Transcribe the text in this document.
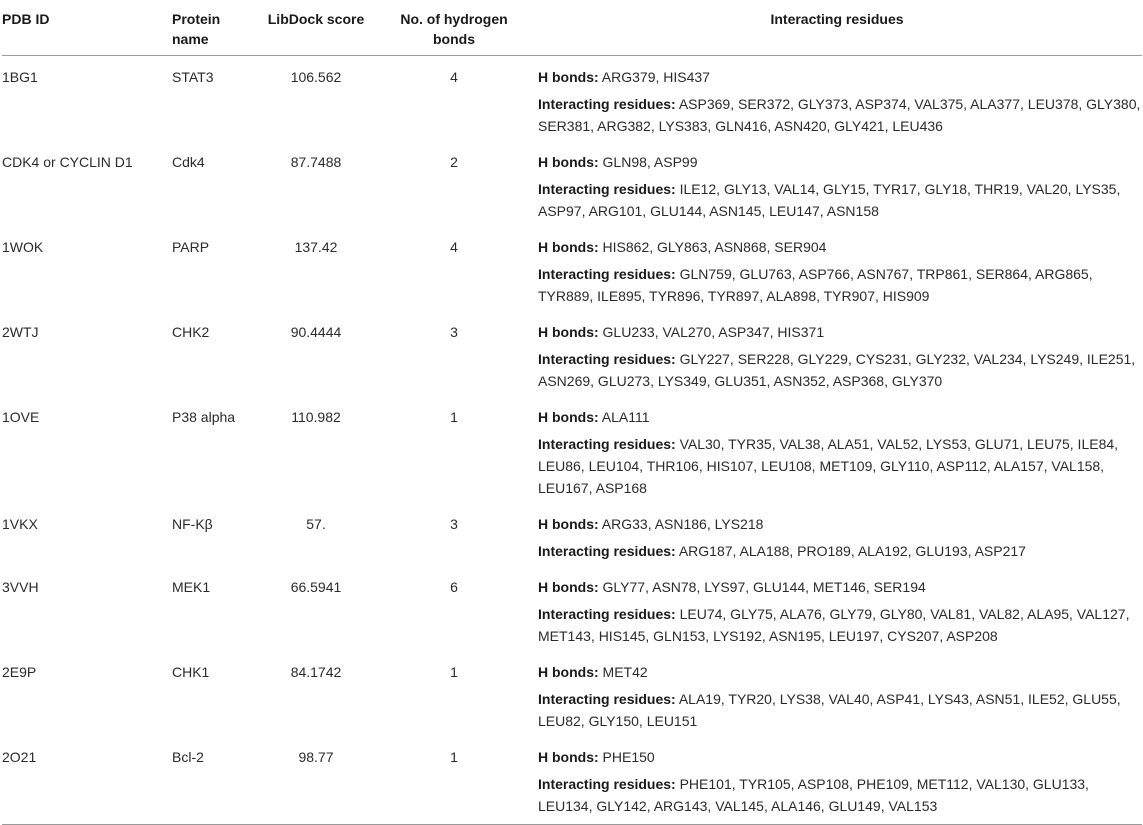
PDB ID	Protein name	LibDock score	No. of hydrogen bonds	Interacting residues
1BG1	STAT3	106.562	4	H bonds: ARG379, HIS437
Interacting residues: ASP369, SER372, GLY373, ASP374, VAL375, ALA377, LEU378, GLY380, SER381, ARG382, LYS383, GLN416, ASN420, GLY421, LEU436

CDK4 or CYCLIN D1	Cdk4	87.7488	2	H bonds: GLN98, ASP99
Interacting residues: ILE12, GLY13, VAL14, GLY15, TYR17, GLY18, THR19, VAL20, LYS35, ASP97, ARG101, GLU144, ASN145, LEU147, ASN158

1WOK	PARP	137.42	4	H bonds: HIS862, GLY863, ASN868, SER904
Interacting residues: GLN759, GLU763, ASP766, ASN767, TRP861, SER864, ARG865, TYR889, ILE895, TYR896, TYR897, ALA898, TYR907, HIS909

2WTJ	CHK2	90.4444	3	H bonds: GLU233, VAL270, ASP347, HIS371
Interacting residues: GLY227, SER228, GLY229, CYS231, GLY232, VAL234, LYS249, ILE251, ASN269, GLU273, LYS349, GLU351, ASN352, ASP368, GLY370

1OVE	P38 alpha	110.982	1	H bonds: ALA111
Interacting residues: VAL30, TYR35, VAL38, ALA51, VAL52, LYS53, GLU71, LEU75, ILE84, LEU86, LEU104, THR106, HIS107, LEU108, MET109, GLY110, ASP112, ALA157, VAL158, LEU167, ASP168

1VKX	NF-Kβ	57.	3	H bonds: ARG33, ASN186, LYS218
Interacting residues: ARG187, ALA188, PRO189, ALA192, GLU193, ASP217

3VVH	MEK1	66.5941	6	H bonds: GLY77, ASN78, LYS97, GLU144, MET146, SER194
Interacting residues: LEU74, GLY75, ALA76, GLY79, GLY80, VAL81, VAL82, ALA95, VAL127, MET143, HIS145, GLN153, LYS192, ASN195, LEU197, CYS207, ASP208

2E9P	CHK1	84.1742	1	H bonds: MET42
Interacting residues: ALA19, TYR20, LYS38, VAL40, ASP41, LYS43, ASN51, ILE52, GLU55, LEU82, GLY150, LEU151

2O21	Bcl-2	98.77	1	H bonds: PHE150
Interacting residues: PHE101, TYR105, ASP108, PHE109, MET112, VAL130, GLU133, LEU134, GLY142, ARG143, VAL145, ALA146, GLU149, VAL153
